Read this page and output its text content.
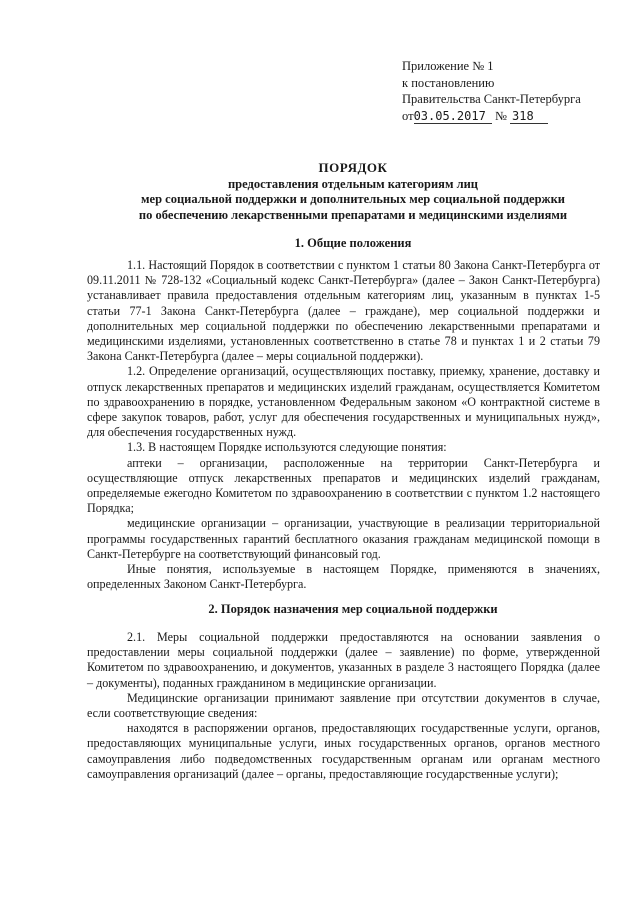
Приложение № 1
к постановлению
Правительства Санкт-Петербурга
от03.05.2017 № 318
ПОРЯДОК
предоставления отдельным категориям лиц
мер социальной поддержки и дополнительных мер социальной поддержки
по обеспечению лекарственными препаратами и медицинскими изделиями
1. Общие положения

1.1. Настоящий Порядок в соответствии с пунктом 1 статьи 80 Закона Санкт-Петербурга от 09.11.2011 № 728-132 «Социальный кодекс Санкт-Петербурга» (далее – Закон Санкт-Петербурга) устанавливает правила предоставления отдельным категориям лиц, указанным в пунктах 1-5 статьи 77-1 Закона Санкт-Петербурга (далее – граждане), мер социальной поддержки и дополнительных мер социальной поддержки по обеспечению лекарственными препаратами и медицинскими изделиями, установленных соответственно в статье 78 и пунктах 1 и 2 статьи 79 Закона Санкт-Петербурга (далее – меры социальной поддержки).

1.2. Определение организаций, осуществляющих поставку, приемку, хранение, доставку и отпуск лекарственных препаратов и медицинских изделий гражданам, осуществляется Комитетом по здравоохранению в порядке, установленном Федеральным законом «О контрактной системе в сфере закупок товаров, работ, услуг для обеспечения государственных и муниципальных нужд», для обеспечения государственных нужд.

1.3. В настоящем Порядке используются следующие понятия:

аптеки – организации, расположенные на территории Санкт-Петербурга и осуществляющие отпуск лекарственных препаратов и медицинских изделий гражданам, определяемые ежегодно Комитетом по здравоохранению в соответствии с пунктом 1.2 настоящего Порядка;

медицинские организации – организации, участвующие в реализации территориальной программы государственных гарантий бесплатного оказания гражданам медицинской помощи в Санкт-Петербурге на соответствующий финансовый год.

Иные понятия, используемые в настоящем Порядке, применяются в значениях, определенных Законом Санкт-Петербурга.

2. Порядок назначения мер социальной поддержки

2.1. Меры социальной поддержки предоставляются на основании заявления о предоставлении меры социальной поддержки (далее – заявление) по форме, утвержденной Комитетом по здравоохранению, и документов, указанных в разделе 3 настоящего Порядка (далее – документы), поданных гражданином в медицинские организации.

Медицинские организации принимают заявление при отсутствии документов в случае, если соответствующие сведения:

находятся в распоряжении органов, предоставляющих государственные услуги, органов, предоставляющих муниципальные услуги, иных государственных органов, органов местного самоуправления либо подведомственных государственным органам или органам местного самоуправления организаций (далее – органы, предоставляющие государственные услуги);
